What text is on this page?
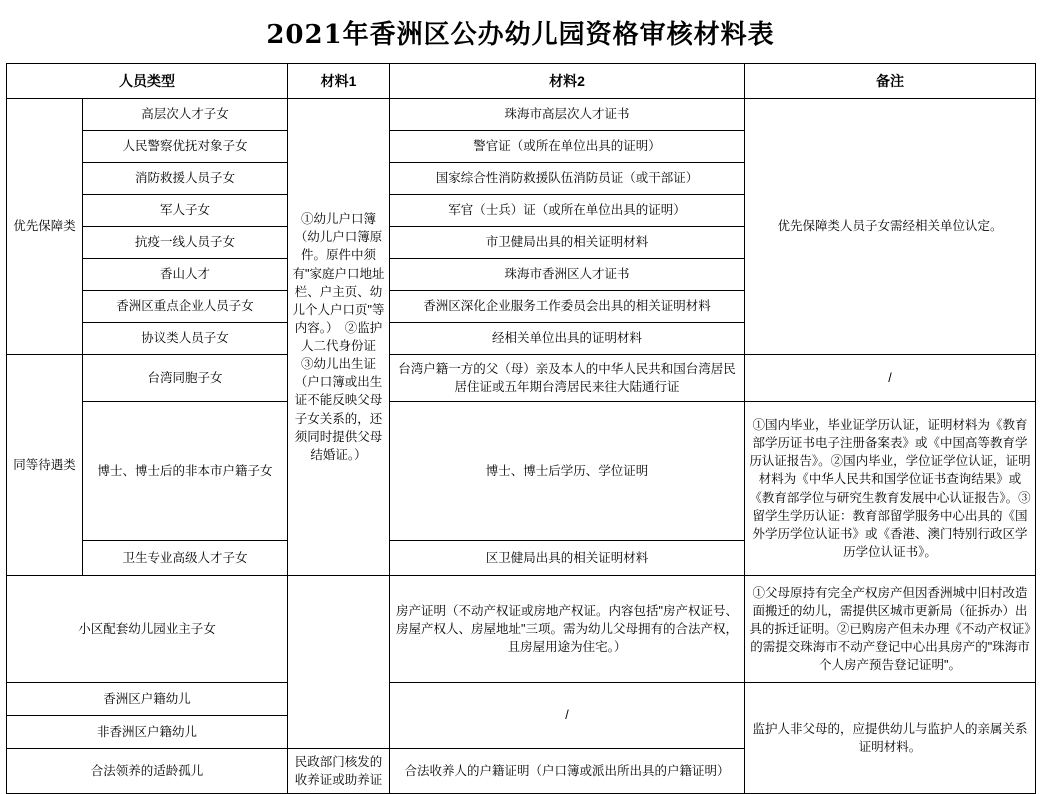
2021年香洲区公办幼儿园资格审核材料表
人员类型		材料1	材料2	备注
优先保障类	高层次人才子女	①幼儿户口簿（幼儿户口簿原件。原件中须有"家庭户口地址栏、户主页、幼儿个人户口页"等内容。）　②监护人二代身份证　③幼儿出生证（户口簿或出生证不能反映父母子女关系的，还须同时提供父母结婚证。）	珠海市高层次人才证书	优先保障类人员子女需经相关单位认定。
	人民警察优抚对象子女		警官证（或所在单位出具的证明）	
	消防救援人员子女		国家综合性消防救援队伍消防员证（或干部证）	
	军人子女		军官（士兵）证（或所在单位出具的证明）	
	抗疫一线人员子女		市卫健局出具的相关证明材料	
	香山人才		珠海市香洲区人才证书	
	香洲区重点企业人员子女		香洲区深化企业服务工作委员会出具的相关证明材料	
	协议类人员子女		经相关单位出具的证明材料	
同等待遇类	台湾同胞子女		台湾户籍一方的父（母）亲及本人的中华人民共和国台湾居民居住证或五年期台湾居民来往大陆通行证	/
	博士、博士后的非本市户籍子女		博士、博士后学历、学位证明	①国内毕业，毕业证学历认证，证明材料为《教育部学历证书电子注册备案表》或《中国高等教育学历认证报告》。②国内毕业，学位证学位认证，证明材料为《中华人民共和国学位证书查询结果》或《教育部学位与研究生教育发展中心认证报告》。③留学生学历认证：教育部留学服务中心出具的《国外学历学位认证书》或《香港、澳门特别行政区学历学位认证书》。
	卫生专业高级人才子女		区卫健局出具的相关证明材料	
小区配套幼儿园业主子女			房产证明（不动产权证或房地产权证。内容包括"房产权证号、房屋产权人、房屋地址"三项。需为幼儿父母拥有的合法产权，且房屋用途为住宅。）	①父母原持有完全产权房产但因香洲城中旧村改造面搬迁的幼儿，需提供区城市更新局（征拆办）出具的拆迁证明。②已购房产但未办理《不动产权证》的需提交珠海市不动产登记中心出具房产的"珠海市个人房产预告登记证明"。
香洲区户籍幼儿			/	监护人非父母的，应提供幼儿与监护人的亲属关系证明材料。
非香洲区户籍幼儿				
合法领养的适龄孤儿		民政部门核发的收养证或助养证	合法收养人的户籍证明（户口簿或派出所出具的户籍证明）	
